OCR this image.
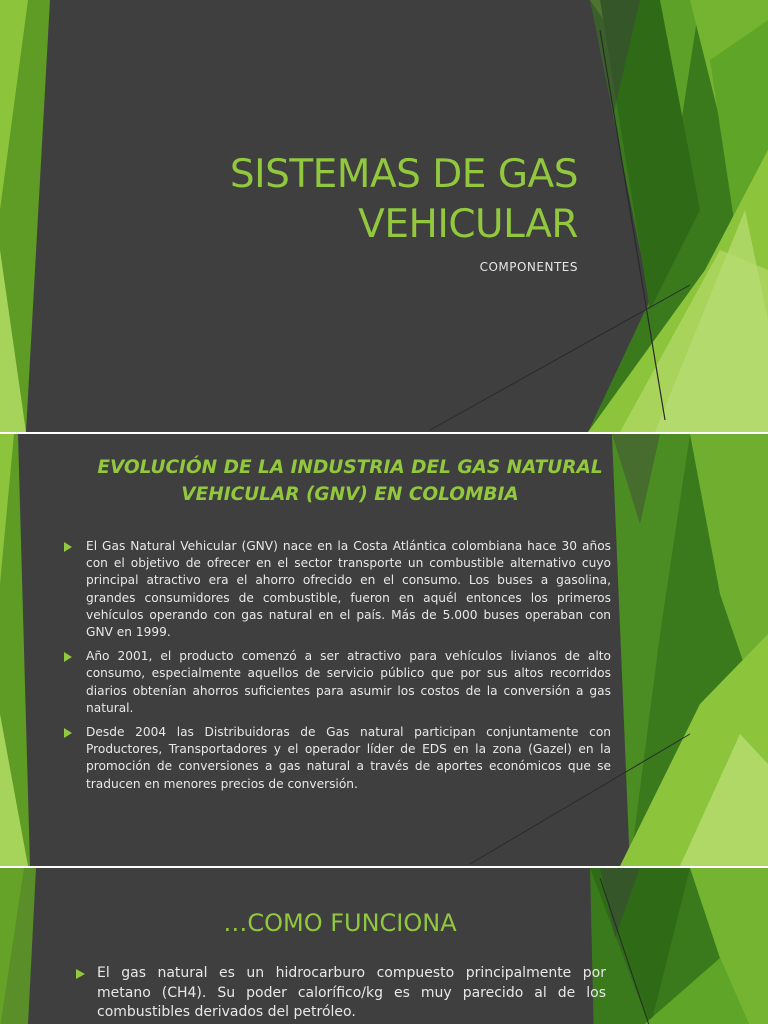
SISTEMAS DE GAS
VEHICULAR
COMPONENTES
EVOLUCIÓN DE LA INDUSTRIA DEL GAS NATURAL
VEHICULAR (GNV) EN COLOMBIA
El Gas Natural Vehicular (GNV) nace en la Costa Atlántica colombiana hace 30 años con el objetivo de ofrecer en el sector transporte un combustible alternativo cuyo principal atractivo era el ahorro ofrecido en el consumo. Los buses a gasolina, grandes consumidores de combustible, fueron en aquél entonces los primeros vehículos operando con gas natural en el país. Más de 5.000 buses operaban con GNV en 1999.
Año 2001, el producto comenzó a ser atractivo para vehículos livianos de alto consumo, especialmente aquellos de servicio público que por sus altos recorridos diarios obtenían ahorros suficientes para asumir los costos de la conversión a gas natural.
Desde 2004 las Distribuidoras de Gas natural participan conjuntamente con Productores, Transportadores y el operador líder de EDS en la zona (Gazel) en la promoción de conversiones a gas natural a través de aportes económicos que se traducen en menores precios de conversión.
…COMO FUNCIONA
El gas natural es un hidrocarburo compuesto principalmente por metano (CH4). Su poder calorífico/kg es muy parecido al de los combustibles derivados del petróleo.
